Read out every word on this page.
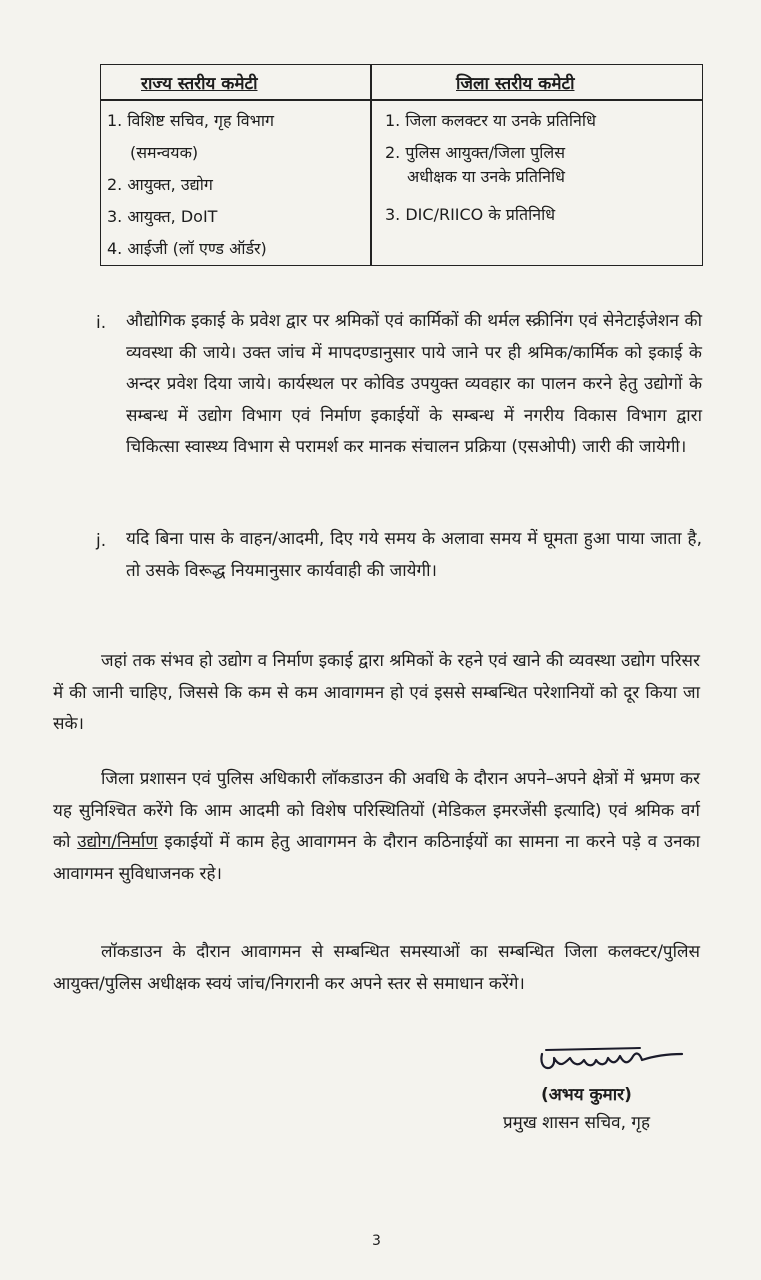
राज्य स्तरीय कमेटी	जिला स्तरीय कमेटी
1. विशिष्ट सचिव, गृह विभाग
(समन्वयक)
2. आयुक्त, उद्योग
3. आयुक्त, DoIT
4. आईजी (लॉ एण्ड ऑर्डर)
1. जिला कलक्टर या उनके प्रतिनिधि
2. पुलिस आयुक्त/जिला पुलिस
अधीक्षक या उनके प्रतिनिधि
3. DIC/RIICO के प्रतिनिधि
i. औद्योगिक इकाई के प्रवेश द्वार पर श्रमिकों एवं कार्मिकों की थर्मल स्क्रीनिंग एवं सेनेटाईजेशन की व्यवस्था की जाये। उक्त जांच में मापदण्डानुसार पाये जाने पर ही श्रमिक/कार्मिक को इकाई के अन्दर प्रवेश दिया जाये। कार्यस्थल पर कोविड उपयुक्त व्यवहार का पालन करने हेतु उद्योगों के सम्बन्ध में उद्योग विभाग एवं निर्माण इकाईयों के सम्बन्ध में नगरीय विकास विभाग द्वारा चिकित्सा स्वास्थ्य विभाग से परामर्श कर मानक संचालन प्रक्रिया (एसओपी) जारी की जायेगी।
j. यदि बिना पास के वाहन/आदमी, दिए गये समय के अलावा समय में घूमता हुआ पाया जाता है, तो उसके विरूद्ध नियमानुसार कार्यवाही की जायेगी।
जहां तक संभव हो उद्योग व निर्माण इकाई द्वारा श्रमिकों के रहने एवं खाने की व्यवस्था उद्योग परिसर में की जानी चाहिए, जिससे कि कम से कम आवागमन हो एवं इससे सम्बन्धित परेशानियों को दूर किया जा सके।
जिला प्रशासन एवं पुलिस अधिकारी लॉकडाउन की अवधि के दौरान अपने–अपने क्षेत्रों में भ्रमण कर यह सुनिश्चित करेंगे कि आम आदमी को विशेष परिस्थितियों (मेडिकल इमरजेंसी इत्यादि) एवं श्रमिक वर्ग को उद्योग/निर्माण इकाईयों में काम हेतु आवागमन के दौरान कठिनाईयों का सामना ना करने पड़े व उनका आवागमन सुविधाजनक रहे।
लॉकडाउन के दौरान आवागमन से सम्बन्धित समस्याओं का सम्बन्धित जिला कलक्टर/पुलिस आयुक्त/पुलिस अधीक्षक स्वयं जांच/निगरानी कर अपने स्तर से समाधान करेंगे।
(अभय कुमार)
प्रमुख शासन सचिव, गृह
3
